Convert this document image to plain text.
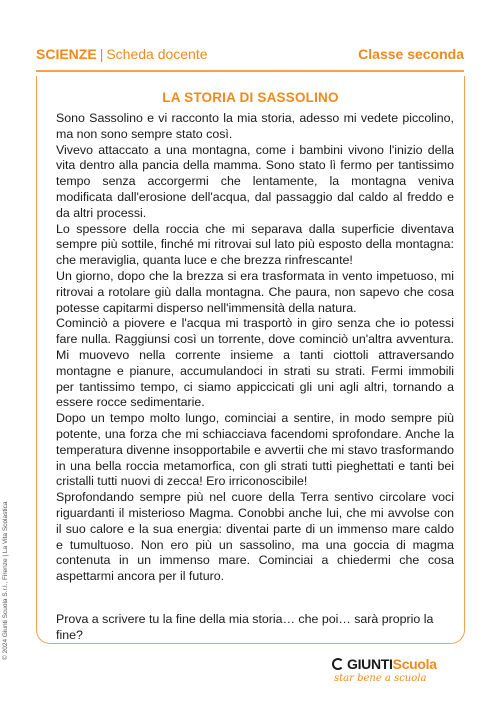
SCIENZE | Scheda docente	Classe seconda
LA STORIA DI SASSOLINO

Sono Sassolino e vi racconto la mia storia, adesso mi vedete piccolino, ma non sono sempre stato così.

Vivevo attaccato a una montagna, come i bambini vivono l'inizio della vita dentro alla pancia della mamma. Sono stato lì fermo per tantissimo tempo senza accorgermi che lentamente, la montagna veniva modificata dall'erosione dell'acqua, dal passaggio dal caldo al freddo e da altri processi.

Lo spessore della roccia che mi separava dalla superficie diventava sempre più sottile, finché mi ritrovai sul lato più esposto della montagna: che meraviglia, quanta luce e che brezza rinfrescante!

Un giorno, dopo che la brezza si era trasformata in vento impetuoso, mi ritrovai a rotolare giù dalla montagna. Che paura, non sapevo che cosa potesse capitarmi disperso nell'immensità della natura.

Cominciò a piovere e l'acqua mi trasportò in giro senza che io potessi fare nulla. Raggiunsi così un torrente, dove cominciò un'altra avventura. Mi muovevo nella corrente insieme a tanti ciottoli attraversando montagne e pianure, accumulandoci in strati su strati. Fermi immobili per tantissimo tempo, ci siamo appiccicati gli uni agli altri, tornando a essere rocce sedimentarie.

Dopo un tempo molto lungo, cominciai a sentire, in modo sempre più potente, una forza che mi schiacciava facendomi sprofondare. Anche la temperatura divenne insopportabile e avvertii che mi stavo trasformando in una bella roccia metamorfica, con gli strati tutti pieghettati e tanti bei cristalli tutti nuovi di zecca! Ero irriconoscibile!

Sprofondando sempre più nel cuore della Terra sentivo circolare voci riguardanti il misterioso Magma. Conobbi anche lui, che mi avvolse con il suo calore e la sua energia: diventai parte di un immenso mare caldo e tumultuoso. Non ero più un sassolino, ma una goccia di magma contenuta in un immenso mare. Cominciai a chiedermi che cosa aspettarmi ancora per il futuro.

Prova a scrivere tu la fine della mia storia… che poi… sarà proprio la fine?

© 2024 Giunti Scuola S.r.l., Firenze | La Vita Scolastica
GIUNTI Scuola
star bene a scuola
